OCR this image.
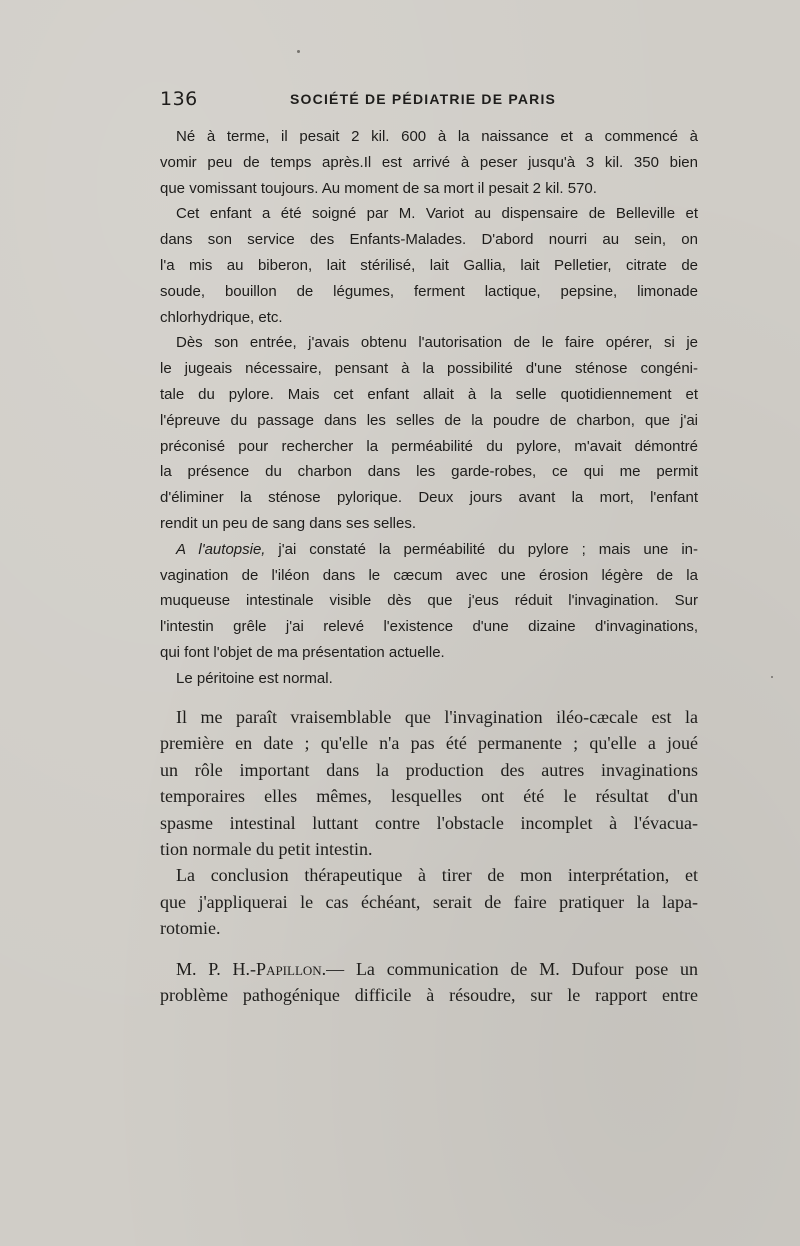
136	SOCIÉTÉ DE PÉDIATRIE DE PARIS
Né à terme, il pesait 2 kil. 600 à la naissance et a commencé à
vomir peu de temps après.Il est arrivé à peser jusqu'à 3 kil. 350 bien
que vomissant toujours. Au moment de sa mort il pesait 2 kil. 570.
Cet enfant a été soigné par M. Variot au dispensaire de Belleville et
dans son service des Enfants-Malades. D'abord nourri au sein, on
l'a mis au biberon, lait stérilisé, lait Gallia, lait Pelletier, citrate de
soude, bouillon de légumes, ferment lactique, pepsine, limonade
chlorhydrique, etc.
Dès son entrée, j'avais obtenu l'autorisation de le faire opérer, si je
le jugeais nécessaire, pensant à la possibilité d'une sténose congéni-
tale du pylore. Mais cet enfant allait à la selle quotidiennement et
l'épreuve du passage dans les selles de la poudre de charbon, que j'ai
préconisé pour rechercher la perméabilité du pylore, m'avait démontré
la présence du charbon dans les garde-robes, ce qui me permit
d'éliminer la sténose pylorique. Deux jours avant la mort, l'enfant
rendit un peu de sang dans ses selles.
A l'autopsie, j'ai constaté la perméabilité du pylore ; mais une in-
vagination de l'iléon dans le cæcum avec une érosion légère de la
muqueuse intestinale visible dès que j'eus réduit l'invagination. Sur
l'intestin grêle j'ai relevé l'existence d'une dizaine d'invaginations,
qui font l'objet de ma présentation actuelle.
Le péritoine est normal.
Il me paraît vraisemblable que l'invagination iléo-cæcale est la
première en date ; qu'elle n'a pas été permanente ; qu'elle a joué
un rôle important dans la production des autres invaginations
temporaires elles mêmes, lesquelles ont été le résultat d'un
spasme intestinal luttant contre l'obstacle incomplet à l'évacua-
tion normale du petit intestin.
La conclusion thérapeutique à tirer de mon interprétation, et
que j'appliquerai le cas échéant, serait de faire pratiquer la lapa-
rotomie.
M. P. H.-Papillon.— La communication de M. Dufour pose un
problème pathogénique difficile à résoudre, sur le rapport entre
